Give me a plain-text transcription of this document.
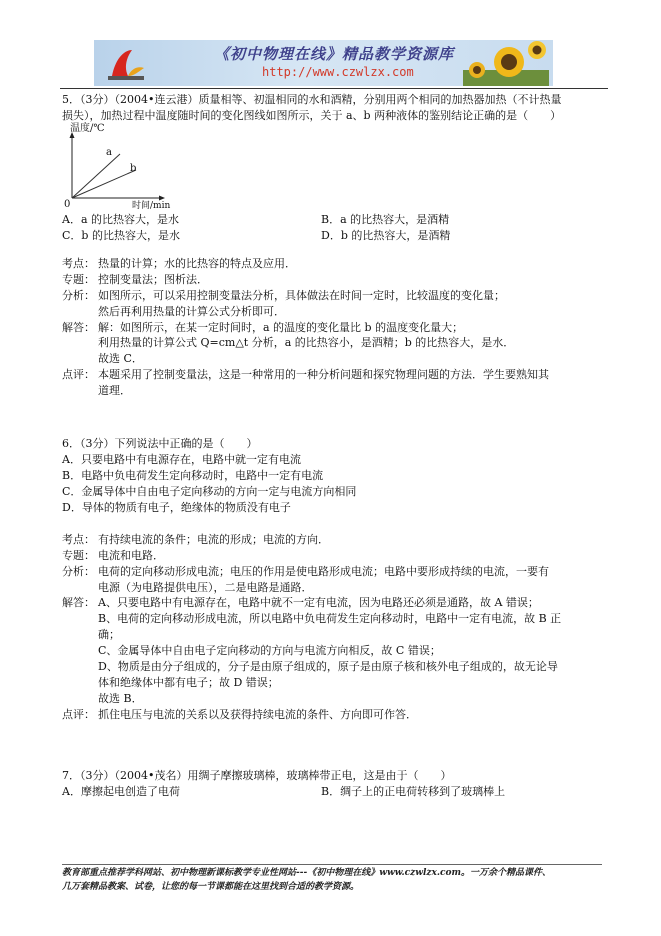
《初中物理在线》精品教学资源库
http://www.czwlzx.com

5．（3分）（2004•连云港）质量相等、初温相同的水和酒精，分别用两个相同的加热器加热（不计热量

损失），加热过程中温度随时间的变化图线如图所示，关于 a、b 两种液体的鉴别结论正确的是（　　）

温度/℃
a
b
0	时间/min
A．a 的比热容大，是水	B．a 的比热容大，是酒精
C．b 的比热容大，是水	D．b 的比热容大，是酒精
考点： 热量的计算；水的比热容的特点及应用．

专题： 控制变量法；图析法．

分析： 如图所示，可以采用控制变量法分析，具体做法在时间一定时，比较温度的变化量；

然后再利用热量的计算公式分析即可．

解答： 解：如图所示，在某一定时间时，a 的温度的变化量比 b 的温度变化量大；

利用热量的计算公式 Q=cm△t 分析，a 的比热容小，是酒精；b 的比热容大，是水．

故选 C．

点评： 本题采用了控制变量法，这是一种常用的一种分析问题和探究物理问题的方法．学生要熟知其

道理．

6．（3分）下列说法中正确的是（　　）

A．只要电路中有电源存在，电路中就一定有电流

B．电路中负电荷发生定向移动时，电路中一定有电流

C．金属导体中自由电子定向移动的方向一定与电流方向相同

D．导体的物质有电子，绝缘体的物质没有电子

考点： 有持续电流的条件；电流的形成；电流的方向．

专题： 电流和电路．

分析： 电荷的定向移动形成电流；电压的作用是使电路形成电流；电路中要形成持续的电流，一要有

电源（为电路提供电压），二是电路是通路．

解答： A、只要电路中有电源存在，电路中就不一定有电流，因为电路还必须是通路，故 A 错误；

B、电荷的定向移动形成电流，所以电路中负电荷发生定向移动时，电路中一定有电流，故 B 正

确；

C、金属导体中自由电子定向移动的方向与电流方向相反，故 C 错误；

D、物质是由分子组成的，分子是由原子组成的，原子是由原子核和核外电子组成的，故无论导

体和绝缘体中都有电子；故 D 错误；

故选 B．

点评： 抓住电压与电流的关系以及获得持续电流的条件、方向即可作答．

7．（3分）（2004•茂名）用绸子摩擦玻璃棒，玻璃棒带正电，这是由于（　　）

A．摩擦起电创造了电荷	B．绸子上的正电荷转移到了玻璃棒上
教育部重点推荐学科网站、初中物理新课标教学专业性网站---《初中物理在线》www.czwlzx.com。一万余个精品课件、
几万套精品教案、试卷，让您的每一节课都能在这里找到合适的教学资源。
